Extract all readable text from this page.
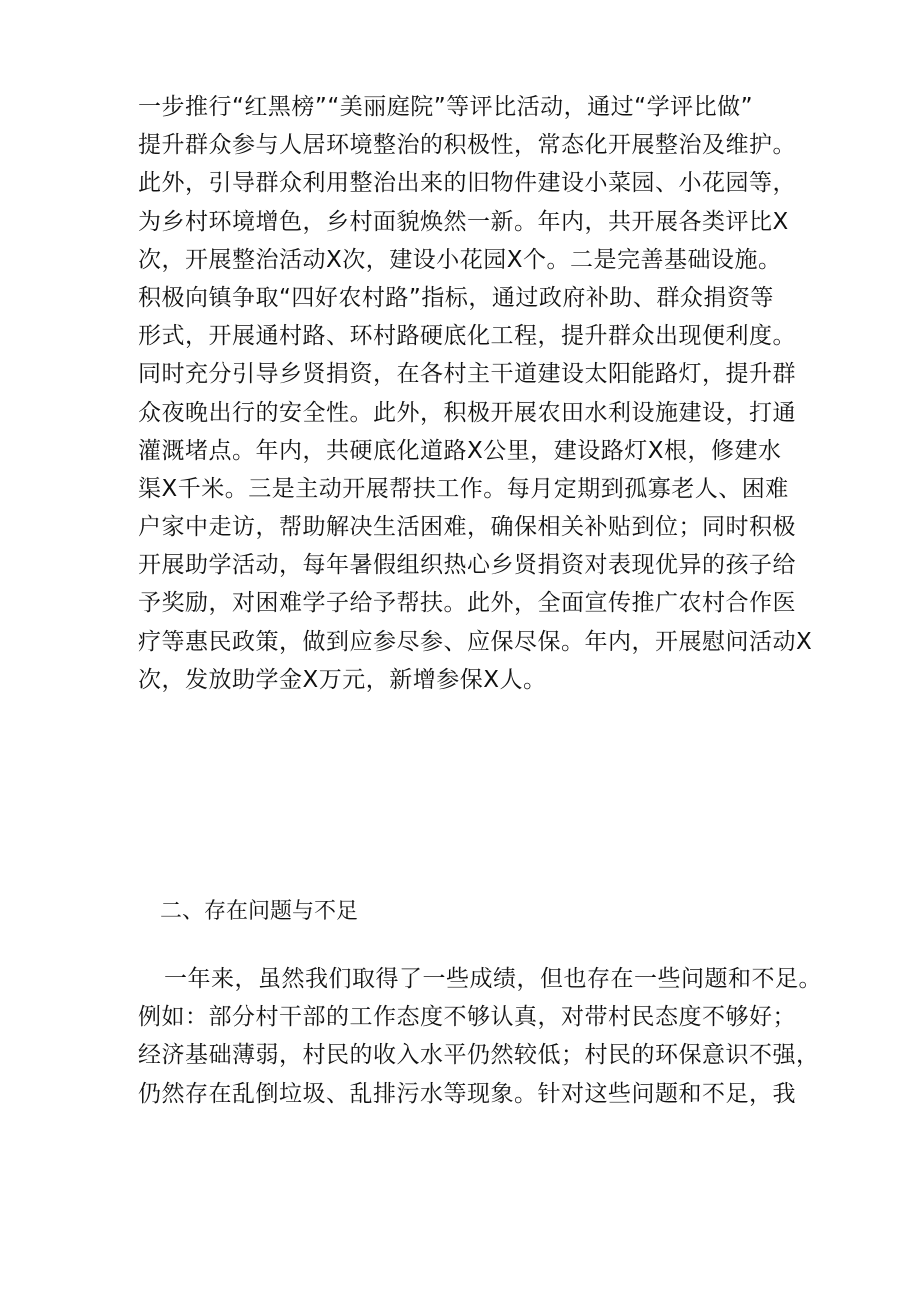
一步推行“红黑榜”“美丽庭院”等评比活动，通过“学评比做”
提升群众参与人居环境整治的积极性，常态化开展整治及维护。
此外，引导群众利用整治出来的旧物件建设小菜园、小花园等，
为乡村环境增色，乡村面貌焕然一新。年内，共开展各类评比X
次，开展整治活动X次，建设小花园X个。二是完善基础设施。
积极向镇争取“四好农村路”指标，通过政府补助、群众捐资等
形式，开展通村路、环村路硬底化工程，提升群众出现便利度。
同时充分引导乡贤捐资，在各村主干道建设太阳能路灯，提升群
众夜晚出行的安全性。此外，积极开展农田水利设施建设，打通
灌溉堵点。年内，共硬底化道路X公里，建设路灯X根，修建水
渠X千米。三是主动开展帮扶工作。每月定期到孤寡老人、困难
户家中走访，帮助解决生活困难，确保相关补贴到位；同时积极
开展助学活动，每年暑假组织热心乡贤捐资对表现优异的孩子给
予奖励，对困难学子给予帮扶。此外，全面宣传推广农村合作医
疗等惠民政策，做到应参尽参、应保尽保。年内，开展慰问活动X
次，发放助学金X万元，新增参保X人。
二、存在问题与不足
一年来，虽然我们取得了一些成绩，但也存在一些问题和不足。
例如：部分村干部的工作态度不够认真，对带村民态度不够好；
经济基础薄弱，村民的收入水平仍然较低；村民的环保意识不强，
仍然存在乱倒垃圾、乱排污水等现象。针对这些问题和不足，我
